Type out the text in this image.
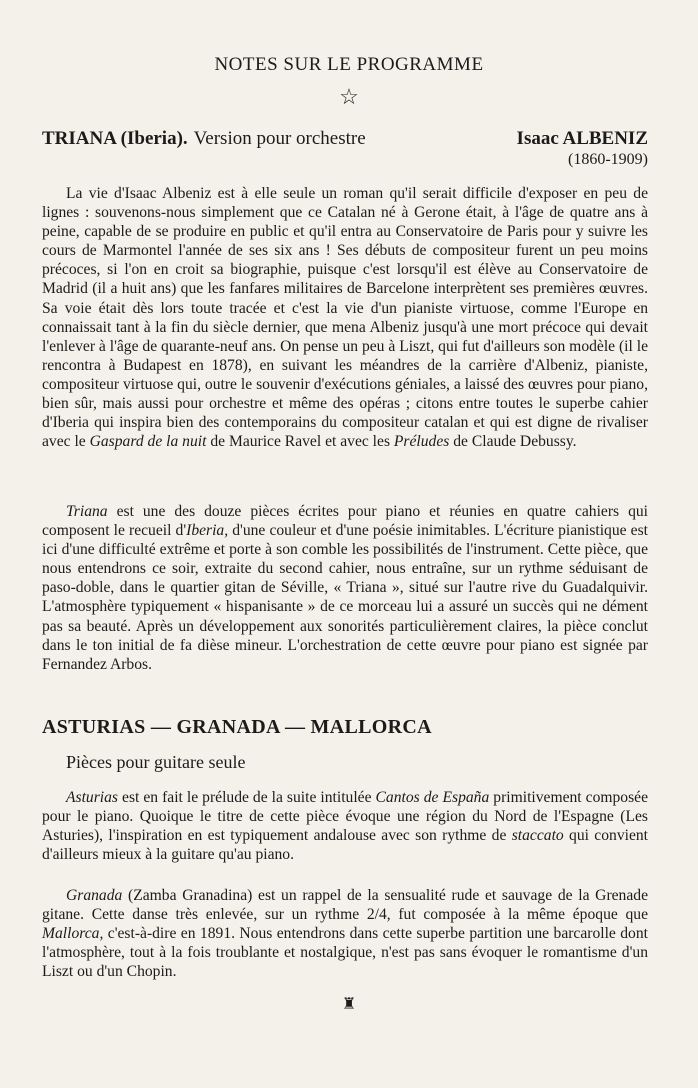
NOTES SUR LE PROGRAMME
☆
TRIANA (Iberia). Version pour orchestre	Isaac ALBENIZ
(1860-1909)

La vie d'Isaac Albeniz est à elle seule un roman qu'il serait difficile d'exposer en peu de lignes : souvenons-nous simplement que ce Catalan né à Gerone était, à l'âge de quatre ans à peine, capable de se produire en public et qu'il entra au Conservatoire de Paris pour y suivre les cours de Marmontel l'année de ses six ans ! Ses débuts de compositeur furent un peu moins précoces, si l'on en croit sa biographie, puisque c'est lorsqu'il est élève au Conservatoire de Madrid (il a huit ans) que les fanfares militaires de Barcelone interprètent ses premières œuvres. Sa voie était dès lors toute tracée et c'est la vie d'un pianiste virtuose, comme l'Europe en connaissait tant à la fin du siècle dernier, que mena Albeniz jusqu'à une mort précoce qui devait l'enlever à l'âge de quarante-neuf ans. On pense un peu à Liszt, qui fut d'ailleurs son modèle (il le rencontra à Budapest en 1878), en suivant les méandres de la carrière d'Albeniz, pianiste, compositeur virtuose qui, outre le souvenir d'exécutions géniales, a laissé des œuvres pour piano, bien sûr, mais aussi pour orchestre et même des opéras ; citons entre toutes le superbe cahier d'Iberia qui inspira bien des contemporains du compositeur catalan et qui est digne de rivaliser avec le Gaspard de la nuit de Maurice Ravel et avec les Préludes de Claude Debussy.

Triana est une des douze pièces écrites pour piano et réunies en quatre cahiers qui composent le recueil d'Iberia, d'une couleur et d'une poésie inimitables. L'écriture pianistique est ici d'une difficulté extrême et porte à son comble les possibilités de l'instrument. Cette pièce, que nous entendrons ce soir, extraite du second cahier, nous entraîne, sur un rythme séduisant de paso-doble, dans le quartier gitan de Séville, « Triana », situé sur l'autre rive du Guadalquivir. L'atmosphère typiquement « hispanisante » de ce morceau lui a assuré un succès qui ne dément pas sa beauté. Après un développement aux sonorités particulièrement claires, la pièce conclut dans le ton initial de fa dièse mineur. L'orchestration de cette œuvre pour piano est signée par Fernandez Arbos.

ASTURIAS — GRANADA — MALLORCA
Pièces pour guitare seule

Asturias est en fait le prélude de la suite intitulée Cantos de España primitivement composée pour le piano. Quoique le titre de cette pièce évoque une région du Nord de l'Espagne (Les Asturies), l'inspiration en est typiquement andalouse avec son rythme de staccato qui convient d'ailleurs mieux à la guitare qu'au piano.

Granada (Zamba Granadina) est un rappel de la sensualité rude et sauvage de la Grenade gitane. Cette danse très enlevée, sur un rythme 2/4, fut composée à la même époque que Mallorca, c'est-à-dire en 1891. Nous entendrons dans cette superbe partition une barcarolle dont l'atmosphère, tout à la fois troublante et nostalgique, n'est pas sans évoquer le romantisme d'un Liszt ou d'un Chopin.

♜
